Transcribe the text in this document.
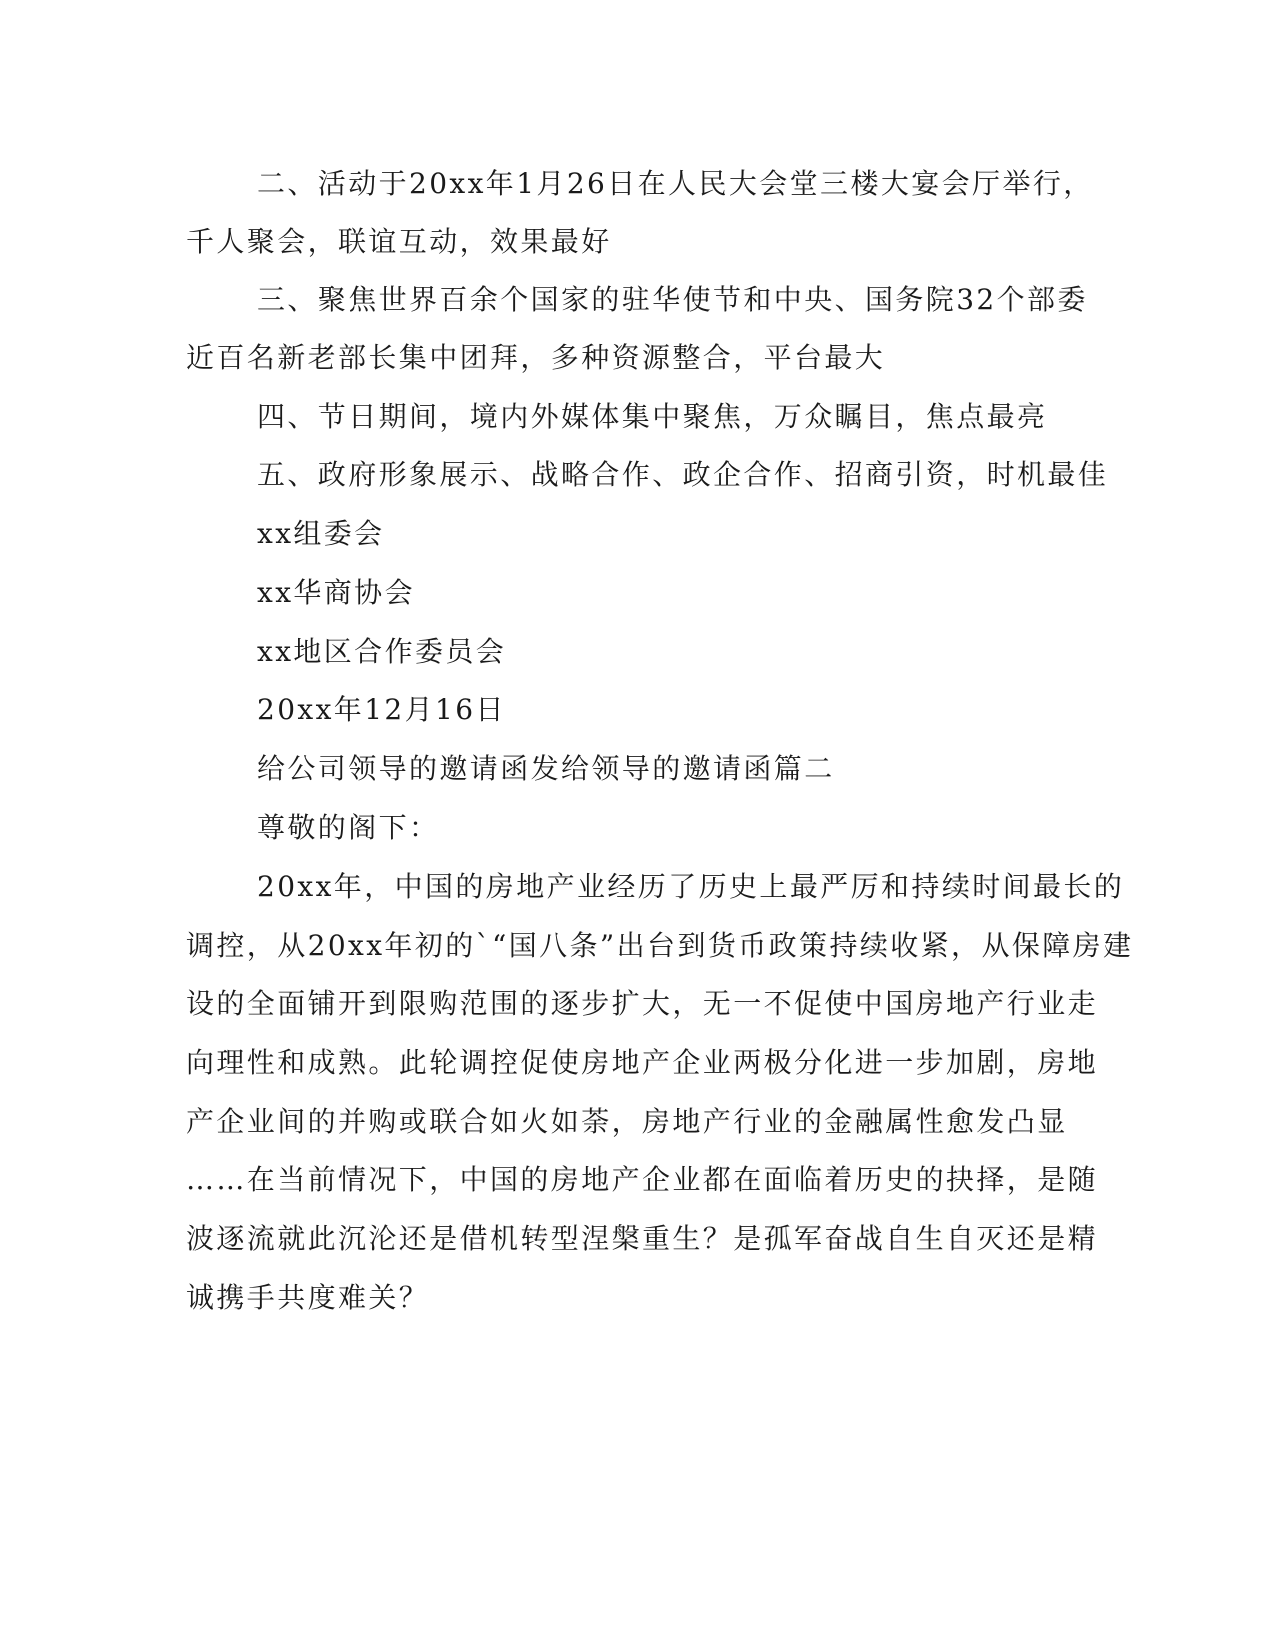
二、活动于20xx年1月26日在人民大会堂三楼大宴会厅举行，

千人聚会，联谊互动，效果最好

三、聚焦世界百余个国家的驻华使节和中央、国务院32个部委

近百名新老部长集中团拜，多种资源整合，平台最大

四、节日期间，境内外媒体集中聚焦，万众瞩目，焦点最亮

五、政府形象展示、战略合作、政企合作、招商引资，时机最佳

xx组委会

xx华商协会

xx地区合作委员会

20xx年12月16日

给公司领导的邀请函发给领导的邀请函篇二

尊敬的阁下：

20xx年，中国的房地产业经历了历史上最严厉和持续时间最长的

调控，从20xx年初的`“国八条”出台到货币政策持续收紧，从保障房建

设的全面铺开到限购范围的逐步扩大，无一不促使中国房地产行业走

向理性和成熟。此轮调控促使房地产企业两极分化进一步加剧，房地

产企业间的并购或联合如火如荼，房地产行业的金融属性愈发凸显

……在当前情况下，中国的房地产企业都在面临着历史的抉择，是随

波逐流就此沉沦还是借机转型涅槃重生？是孤军奋战自生自灭还是精

诚携手共度难关？
